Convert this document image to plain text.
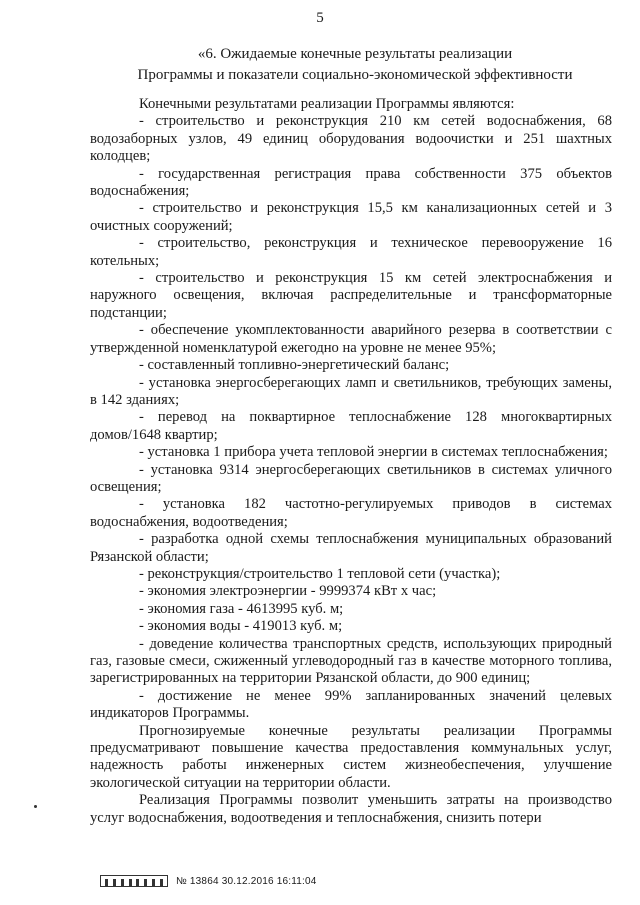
5
«6. Ожидаемые конечные результаты реализации
Программы и показатели социально-экономической эффективности

Конечными результатами реализации Программы являются:

- строительство и реконструкция 210 км сетей водоснабжения, 68 водозаборных узлов, 49 единиц оборудования водоочистки и 251 шахтных колодцев;

- государственная регистрация права собственности 375 объектов водоснабжения;

- строительство и реконструкция 15,5 км канализационных сетей и 3 очистных сооружений;

- строительство, реконструкция и техническое перевооружение 16 котельных;

- строительство и реконструкция 15 км сетей электроснабжения и наружного освещения, включая распределительные и трансформаторные подстанции;

- обеспечение укомплектованности аварийного резерва в соответствии с утвержденной номенклатурой ежегодно на уровне не менее 95%;

- составленный топливно-энергетический баланс;

- установка энергосберегающих ламп и светильников, требующих замены, в 142 зданиях;

- перевод на поквартирное теплоснабжение 128 многоквартирных домов/1648 квартир;

- установка 1 прибора учета тепловой энергии в системах теплоснабжения;

- установка 9314 энергосберегающих светильников в системах уличного освещения;

- установка 182 частотно-регулируемых приводов в системах водоснабжения, водоотведения;

- разработка одной схемы теплоснабжения муниципальных образований Рязанской области;

- реконструкция/строительство 1 тепловой сети (участка);

- экономия электроэнергии - 9999374 кВт х час;

- экономия газа - 4613995 куб. м;

- экономия воды - 419013 куб. м;

- доведение количества транспортных средств, использующих природный газ, газовые смеси, сжиженный углеводородный газ в качестве моторного топлива, зарегистрированных на территории Рязанской области, до 900 единиц;

- достижение не менее 99% запланированных значений целевых индикаторов Программы.

Прогнозируемые конечные результаты реализации Программы предусматривают повышение качества предоставления коммунальных услуг, надежность работы инженерных систем жизнеобеспечения, улучшение экологической ситуации на территории области.

Реализация Программы позволит уменьшить затраты на производство услуг водоснабжения, водоотведения и теплоснабжения, снизить потери

№ 13864 30.12.2016 16:11:04
